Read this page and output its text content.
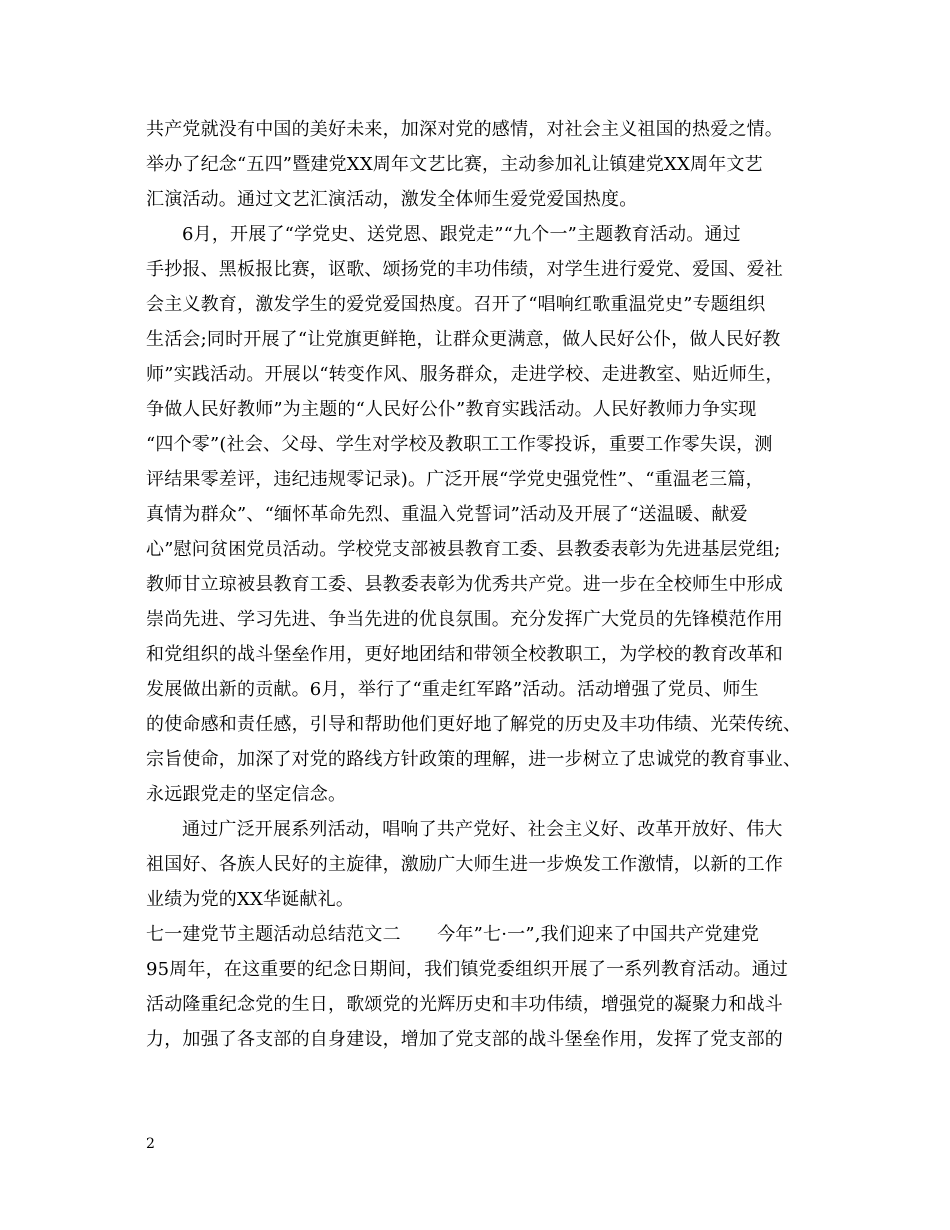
共产党就没有中国的美好未来，加深对党的感情，对社会主义祖国的热爱之情。
举办了纪念“五四”暨建党XX周年文艺比赛，主动参加礼让镇建党XX周年文艺
汇演活动。通过文艺汇演活动，激发全体师生爱党爱国热度。
6月，开展了“学党史、送党恩、跟党走”“九个一”主题教育活动。通过
手抄报、黑板报比赛，讴歌、颂扬党的丰功伟绩，对学生进行爱党、爱国、爱社
会主义教育，激发学生的爱党爱国热度。召开了“唱响红歌重温党史”专题组织
生活会;同时开展了“让党旗更鲜艳，让群众更满意，做人民好公仆，做人民好教
师”实践活动。开展以“转变作风、服务群众，走进学校、走进教室、贴近师生，
争做人民好教师”为主题的“人民好公仆”教育实践活动。人民好教师力争实现
“四个零”(社会、父母、学生对学校及教职工工作零投诉，重要工作零失误，测
评结果零差评，违纪违规零记录)。广泛开展“学党史强党性”、“重温老三篇，
真情为群众”、“缅怀革命先烈、重温入党誓词”活动及开展了“送温暖、献爱
心”慰问贫困党员活动。学校党支部被县教育工委、县教委表彰为先进基层党组;
教师甘立琼被县教育工委、县教委表彰为优秀共产党。进一步在全校师生中形成
崇尚先进、学习先进、争当先进的优良氛围。充分发挥广大党员的先锋模范作用
和党组织的战斗堡垒作用，更好地团结和带领全校教职工，为学校的教育改革和
发展做出新的贡献。6月，举行了“重走红军路”活动。活动增强了党员、师生
的使命感和责任感，引导和帮助他们更好地了解党的历史及丰功伟绩、光荣传统、
宗旨使命，加深了对党的路线方针政策的理解，进一步树立了忠诚党的教育事业、
永远跟党走的坚定信念。
通过广泛开展系列活动，唱响了共产党好、社会主义好、改革开放好、伟大
祖国好、各族人民好的主旋律，激励广大师生进一步焕发工作激情，以新的工作
业绩为党的XX华诞献礼。
七一建党节主题活动总结范文二　　今年”七·一”,我们迎来了中国共产党建党
95周年，在这重要的纪念日期间，我们镇党委组织开展了一系列教育活动。通过
活动隆重纪念党的生日，歌颂党的光辉历史和丰功伟绩，增强党的凝聚力和战斗
力，加强了各支部的自身建设，增加了党支部的战斗堡垒作用，发挥了党支部的
2
